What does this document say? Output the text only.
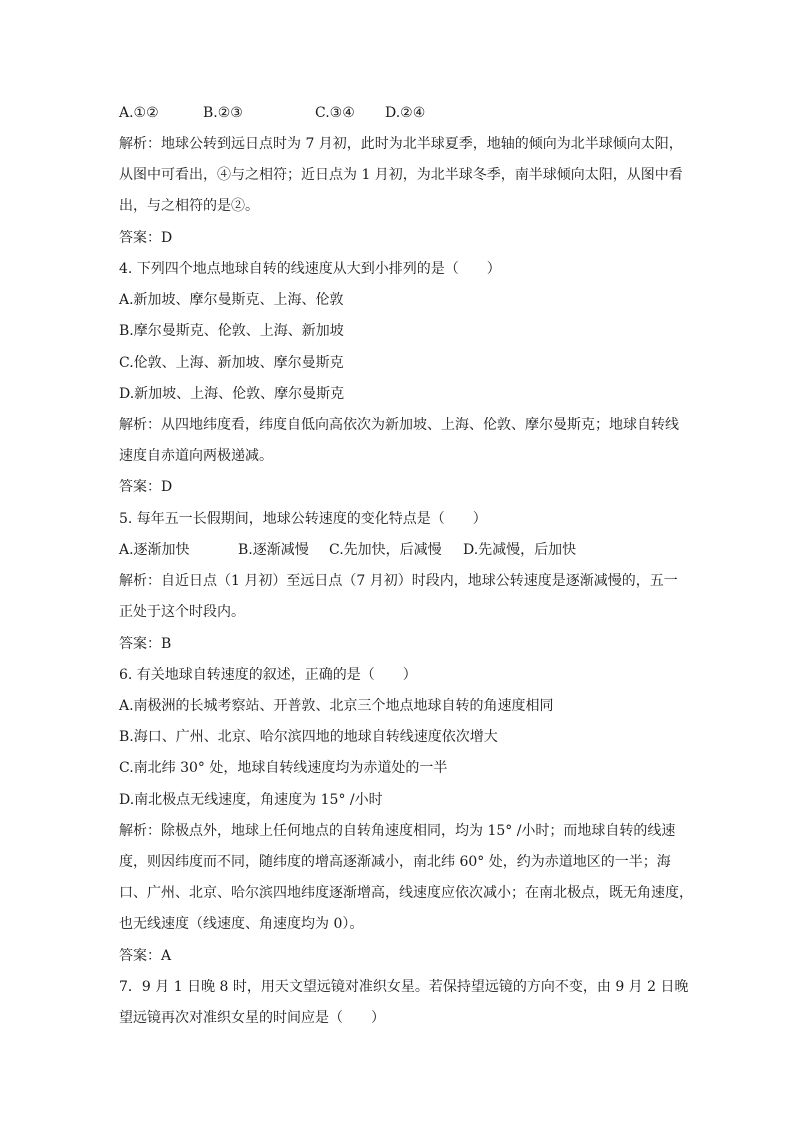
A.①②	B.②③	C.③④ D.②④
解析：地球公转到远日点时为 7 月初，此时为北半球夏季，地轴的倾向为北半球倾向太阳，
从图中可看出，④与之相符；近日点为 1 月初，为北半球冬季，南半球倾向太阳，从图中看
出，与之相符的是②。
答案：D
4. 下列四个地点地球自转的线速度从大到小排列的是（　　）
A.新加坡、摩尔曼斯克、上海、伦敦
B.摩尔曼斯克、伦敦、上海、新加坡
C.伦敦、上海、新加坡、摩尔曼斯克
D.新加坡、上海、伦敦、摩尔曼斯克
解析：从四地纬度看，纬度自低向高依次为新加坡、上海、伦敦、摩尔曼斯克；地球自转线
速度自赤道向两极递减。
答案：D
5. 每年五一长假期间，地球公转速度的变化特点是（　　）
A.逐渐加快	B.逐渐减慢 C.先加快，后减慢 D.先减慢，后加快
解析：自近日点（1 月初）至远日点（7 月初）时段内，地球公转速度是逐渐减慢的，五一
正处于这个时段内。
答案：B
6. 有关地球自转速度的叙述，正确的是（　　）
A.南极洲的长城考察站、开普敦、北京三个地点地球自转的角速度相同
B.海口、广州、北京、哈尔滨四地的地球自转线速度依次增大
C.南北纬 30° 处，地球自转线速度均为赤道处的一半
D.南北极点无线速度，角速度为 15° /小时
解析：除极点外，地球上任何地点的自转角速度相同，均为 15° /小时；而地球自转的线速
度，则因纬度而不同，随纬度的增高逐渐减小，南北纬 60° 处，约为赤道地区的一半；海
口、广州、北京、哈尔滨四地纬度逐渐增高，线速度应依次减小；在南北极点，既无角速度，
也无线速度（线速度、角速度均为 0）。
答案：A
7．9 月 1 日晚 8 时，用天文望远镜对准织女星。若保持望远镜的方向不变，由 9 月 2 日晚
望远镜再次对准织女星的时间应是（　　）
